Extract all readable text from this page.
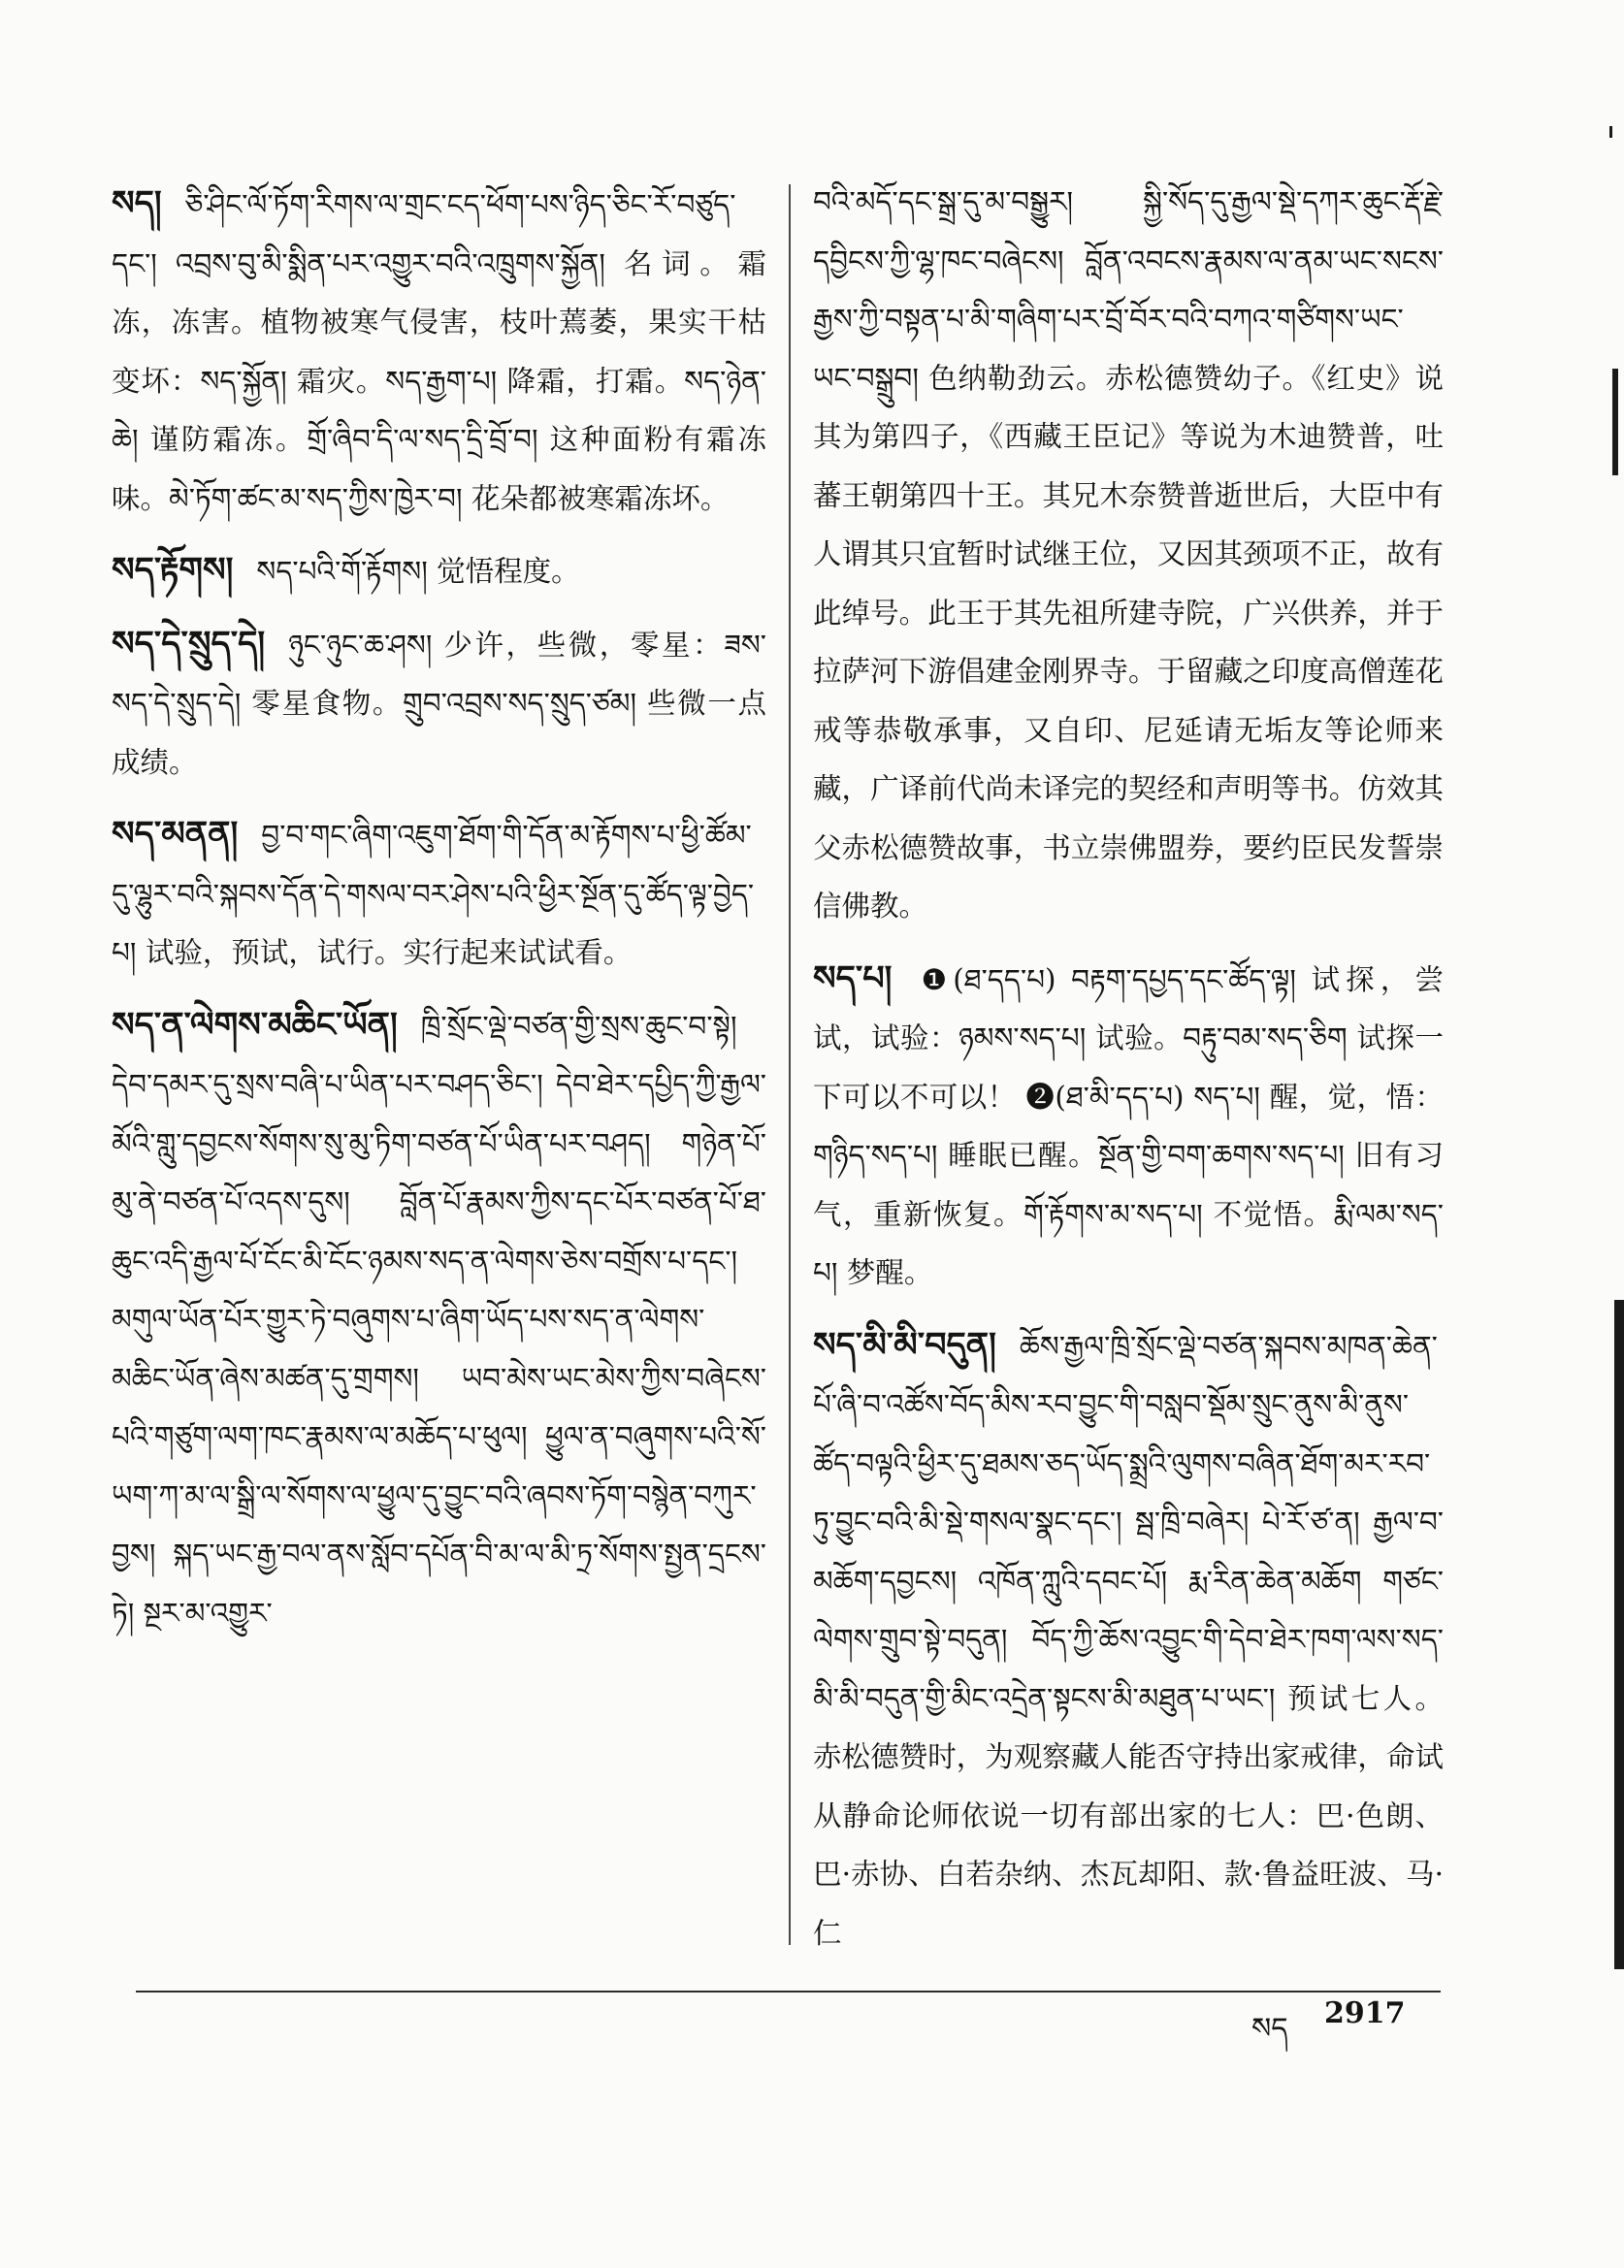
སད། ཅི་ཤིང་ལོ་ཏོག་རིགས་ལ་གྲང་ངད་ཕོག་པས་ཉིད་ཅིང་རོ་བཙུད་དང་། འབྲས་བུ་མི་སྨིན་པར་འགྱུར་བའི་འཁྲུགས་སྐྱོན། 名词。霜冻，冻害。植物被寒气侵害，枝叶蔫萎，果实干枯变坏：སད་སྐྱོན། 霜灾。སད་རྒྱག་པ། 降霜，打霜。སད་ཉེན་ཆེ། 谨防霜冻。གྲོ་ཞིབ་དི་ལ་སད་དྲི་བྲོ་བ། 这种面粉有霜冻味。མེ་ཏོག་ཚང་མ་སད་ཀྱིས་ཁྱེར་བ། 花朵都被寒霜冻坏。

སད་རྟོགས། སད་པའི་གོ་རྟོགས། 觉悟程度。

སད་དེ་སྲུད་དེ། ཉུང་ཉུང་ཆ་ཤས། 少许，些微，零星：ཟས་སད་དེ་སྲུད་དེ། 零星食物。གྲུབ་འབྲས་སད་སྲུད་ཙམ། 些微一点成绩。

སད་མནན། བྱ་བ་གང་ཞིག་འཇུག་ཐོག་གི་དོན་མ་རྟོགས་པ་ཕྱི་ཚོམ་དུ་ལྷུར་བའི་སྐབས་དོན་དེ་གསལ་བར་ཤེས་པའི་ཕྱིར་སྔོན་དུ་ཚོད་ལྟ་བྱེད་པ། 试验，预试，试行。实行起来试试看。

སད་ན་ལེགས་མཆིང་ཡོན། ཁྲི་སྲོང་ལྡེ་བཙན་གྱི་སྲས་ཆུང་བ་སྟེ། དེབ་དམར་དུ་སྲས་བཞི་པ་ཡིན་པར་བཤད་ཅིང་། དེབ་ཐེར་དཔྱིད་ཀྱི་རྒྱལ་མོའི་གླུ་དབྱངས་སོགས་སུ་མུ་ཏིག་བཙན་པོ་ཡིན་པར་བཤད། གཉེན་པོ་མུ་ནེ་བཙན་པོ་འདས་དུས། བློན་པོ་རྣམས་ཀྱིས་དང་པོར་བཙན་པོ་ཐ་ཆུང་འདི་རྒྱལ་པོ་ངོང་མི་ངོང་ཉམས་སད་ན་ལེགས་ཅེས་བགྲོས་པ་དང་། མགུལ་ཡོན་པོར་གྱུར་ཏེ་བཞུགས་པ་ཞིག་ཡོད་པས་སད་ན་ལེགས་མཆིང་ཡོན་ཞེས་མཚན་དུ་གྲགས། ཡབ་མེས་ཡང་མེས་ཀྱིས་བཞེངས་པའི་གཙུག་ལག་ཁང་རྣམས་ལ་མཆོད་པ་ཕུལ། ཕྱུལ་ན་བཞུགས་པའི་སོ་ཡག་ཀ་མ་ལ་སྒྲི་ལ་སོགས་ལ་ཕྱུལ་དུ་བྱུང་བའི་ཞབས་ཏོག་བསྙེན་བཀུར་བྱས། སྐད་ཡང་རྒྱ་བལ་ནས་སློབ་དཔོན་བི་མ་ལ་མི་ཏྲ་སོགས་སྤྱན་དྲངས་ཏེ། སྔར་མ་འགྱུར་

བའི་མདོ་དང་སྒྲ་དུ་མ་བསྒྱུར། སྐྱི་སོད་དུ་རྒྱལ་སྡེ་དཀར་ཆུང་རྡོ་རྗེ་དབྱིངས་ཀྱི་ལྷ་ཁང་བཞེངས། བློན་འབངས་རྣམས་ལ་ནམ་ཡང་སངས་རྒྱས་ཀྱི་བསྟན་པ་མི་གཞིག་པར་བྲོ་བོར་བའི་བཀའ་གཙིགས་ཡང་ཡང་བསྒྲུབ། 色纳勒劲云。赤松德赞幼子。《红史》说其为第四子，《西藏王臣记》等说为木迪赞普，吐蕃王朝第四十王。其兄木奈赞普逝世后，大臣中有人谓其只宜暂时试继王位，又因其颈项不正，故有此绰号。此王于其先祖所建寺院，广兴供养，并于拉萨河下游倡建金刚界寺。于留藏之印度高僧莲花戒等恭敬承事，又自印、尼延请无垢友等论师来藏，广译前代尚未译完的契经和声明等书。仿效其父赤松德赞故事，书立崇佛盟券，要约臣民发誓崇信佛教。

སད་པ། ❶(ཐ་དད་པ) བརྟག་དཔྱད་དང་ཚོད་ལྟ། 试探，尝试，试验：ཉམས་སད་པ། 试验。བརྟུ་བམ་སད་ཅིག 试探一下可以不可以！ ❷(ཐ་མི་དད་པ) སད་པ། 醒，觉，悟：གཉིད་སད་པ། 睡眠已醒。སྔོན་གྱི་བག་ཆགས་སད་པ། 旧有习气，重新恢复。གོ་རྟོགས་མ་སད་པ། 不觉悟。རྨི་ལམ་སད་པ། 梦醒。

སད་མི་མི་བདུན། ཆོས་རྒྱལ་ཁྲི་སྲོང་ལྡེ་བཙན་སྐབས་མཁན་ཆེན་པོ་ཞི་བ་འཚོས་བོད་མིས་རབ་བྱུང་གི་བསླབ་སྡོམ་སྲུང་ནུས་མི་ནུས་ཚོད་བལྟའི་ཕྱིར་དུ་ཐམས་ཅད་ཡོད་སྨྲའི་ལུགས་བཞིན་ཐོག་མར་རབ་ཏུ་བྱུང་བའི་མི་སྡེ་གསལ་སྣང་དང་། སྦ་ཁྲི་བཞེར། པེ་རོ་ཙ་ན། རྒྱལ་བ་མཆོག་དབྱངས། འཁོན་ཀླུའི་དབང་པོ། རྨ་རིན་ཆེན་མཆོག གཙང་ལེགས་གྲུབ་སྟེ་བདུན། བོད་ཀྱི་ཆོས་འབྱུང་གི་དེབ་ཐེར་ཁག་ལས་སད་མི་མི་བདུན་གྱི་མིང་འདྲེན་སྟངས་མི་མཐུན་པ་ཡང་། 预试七人。赤松德赞时，为观察藏人能否守持出家戒律，命试从静命论师依说一切有部出家的七人：巴·色朗、巴·赤协、白若杂纳、杰瓦却阳、款·鲁益旺波、马·仁

སད 2917
